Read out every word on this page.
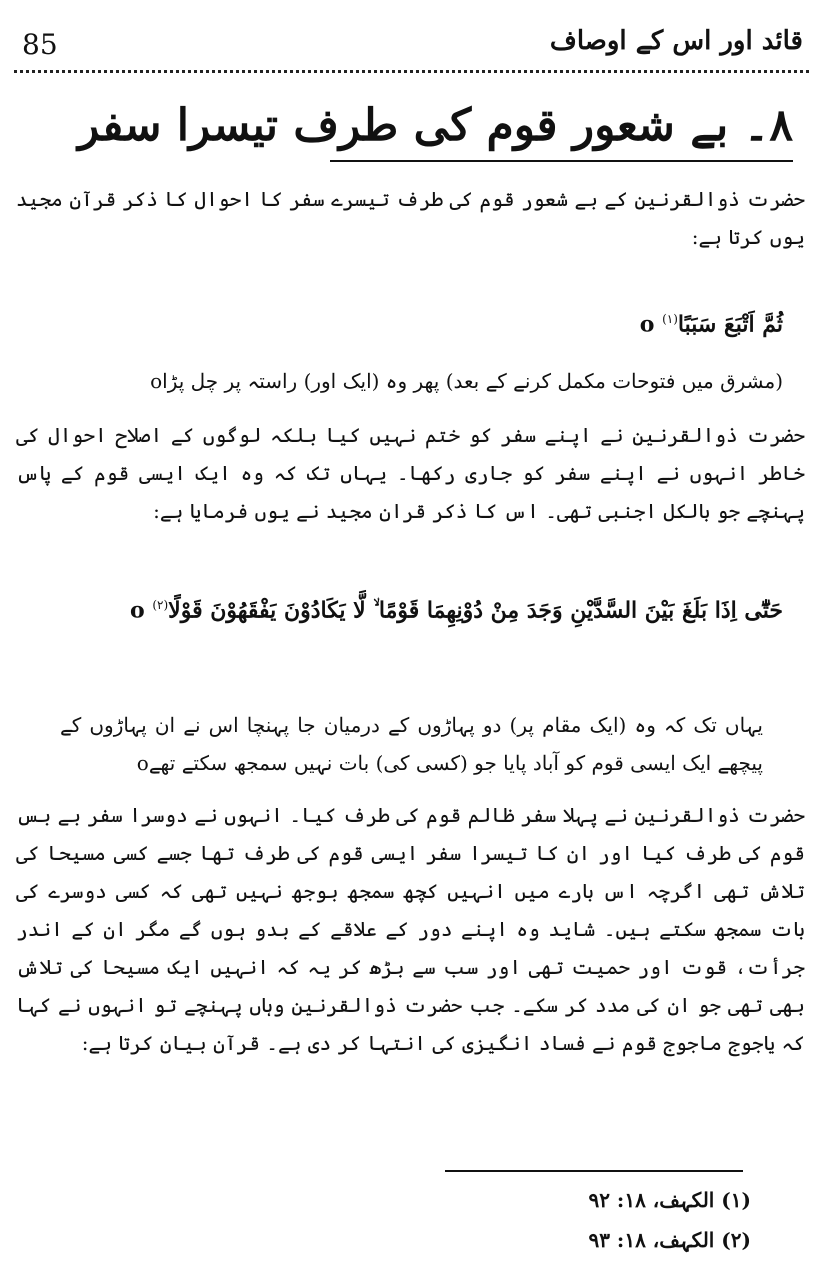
85	قائد اور اس کے اوصاف
۸۔ بے شعور قوم کی طرف تیسرا سفر
حضرت ذوالقرنین کے بے شعور قوم کی طرف تیسرے سفر کا احوال کا ذکر قرآن مجید یوں کرتا ہے:
ثُمَّ اَتْبَعَ سَبَبًاo $^{(۱)}$
(مشرق میں فتوحات مکمل کرنے کے بعد) پھر وہ (ایک اور) راستہ پر چل پڑاo
حضرت ذوالقرنین نے اپنے سفر کو ختم نہیں کیا بلکہ لوگوں کے اصلاح احوال کی خاطر انہوں نے اپنے سفر کو جاری رکھا۔ یہاں تک کہ وہ ایک ایسی قوم کے پاس پہنچے جو بالکل اجنبی تھی۔ اس کا ذکر قران مجید نے یوں فرمایا ہے:
حَتّٰٓى اِذَا بَلَغَ بَيْنَ السَّدَّيْنِ وَجَدَ مِنْ دُوْنِهِمَا قَوْمًا ۙ لَّا يَكَادُوْنَ يَفْقَهُوْنَ قَوْلًاo $^{(۲)}$
یہاں تک کہ وہ (ایک مقام پر) دو پہاڑوں کے درمیان جا پہنچا اس نے ان پہاڑوں کے پیچھے ایک ایسی قوم کو آباد پایا جو (کسی کی) بات نہیں سمجھ سکتے تھےo
حضرت ذوالقرنین نے پہلا سفر ظالم قوم کی طرف کیا۔ انہوں نے دوسرا سفر بے بس قوم کی طرف کیا اور ان کا تیسرا سفر ایسی قوم کی طرف تھا جسے کسی مسیحا کی تلاش تھی اگرچہ اس بارے میں انہیں کچھ سمجھ بوجھ نہیں تھی کہ کسی دوسرے کی بات سمجھ سکتے ہیں۔ شاید وہ اپنے دور کے علاقے کے بدو ہوں گے مگر ان کے اندر جرأت، قوت اور حمیت تھی اور سب سے بڑھ کر یہ کہ انہیں ایک مسیحا کی تلاش بھی تھی جو ان کی مدد کر سکے۔ جب حضرت ذوالقرنین وہاں پہنچے تو انہوں نے کہا کہ یاجوج ماجوج قوم نے فساد انگیزی کی انتہا کر دی ہے۔ قرآن بیان کرتا ہے:
(۱) الکہف، ۱۸: ۹۲
(۲) الکہف، ۱۸: ۹۳
